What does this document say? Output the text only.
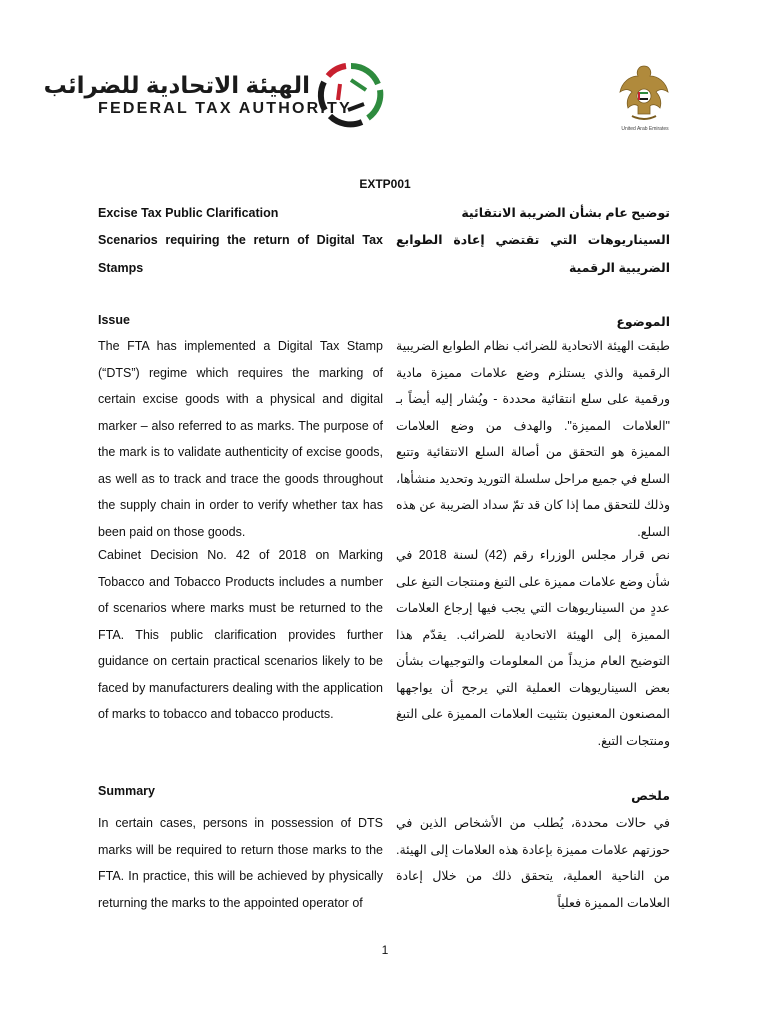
الهيئة الاتحادية للضرائب
FEDERAL TAX AUTHORITY
United Arab Emirates
EXTP001
Excise Tax Public Clarification	توضيح عام بشأن الضريبة الانتقائية
Scenarios requiring the return of Digital Tax Stamps
السيناريوهات التي تقتضي إعادة الطوابع الضريبية الرقمية
Issue	الموضوع
The FTA has implemented a Digital Tax Stamp (“DTS”) regime which requires the marking of certain excise goods with a physical and digital marker – also referred to as marks. The purpose of the mark is to validate authenticity of excise goods, as well as to track and trace the goods throughout the supply chain in order to verify whether tax has been paid on those goods.
طبقت الهيئة الاتحادية للضرائب نظام الطوابع الضريبية الرقمية والذي يستلزم وضع علامات مميزة مادية ورقمية على سلع انتقائية محددة - ويُشار إليه أيضاً بـ "العلامات المميزة". والهدف من وضع العلامات المميزة هو التحقق من أصالة السلع الانتقائية وتتبع السلع في جميع مراحل سلسلة التوريد وتحديد منشأها، وذلك للتحقق مما إذا كان قد تمّ سداد الضريبة عن هذه السلع.
Cabinet Decision No. 42 of 2018 on Marking Tobacco and Tobacco Products includes a number of scenarios where marks must be returned to the FTA. This public clarification provides further guidance on certain practical scenarios likely to be faced by manufacturers dealing with the application of marks to tobacco and tobacco products.
نص قرار مجلس الوزراء رقم (42) لسنة 2018 في شأن وضع علامات مميزة على التبغ ومنتجات التبغ على عددٍ من السيناريوهات التي يجب فيها إرجاع العلامات المميزة إلى الهيئة الاتحادية للضرائب. يقدّم هذا التوضيح العام مزيداً من المعلومات والتوجيهات بشأن بعض السيناريوهات العملية التي يرجح أن يواجهها المصنعون المعنيون بتثبيت العلامات المميزة على التبغ ومنتجات التبغ.
Summary	ملخص
In certain cases, persons in possession of DTS marks will be required to return those marks to the FTA. In practice, this will be achieved by physically returning the marks to the appointed operator of
في حالات محددة، يُطلب من الأشخاص الذين في حوزتهم علامات مميزة بإعادة هذه العلامات إلى الهيئة. من الناحية العملية، يتحقق ذلك من خلال إعادة العلامات المميزة فعلياً
1
